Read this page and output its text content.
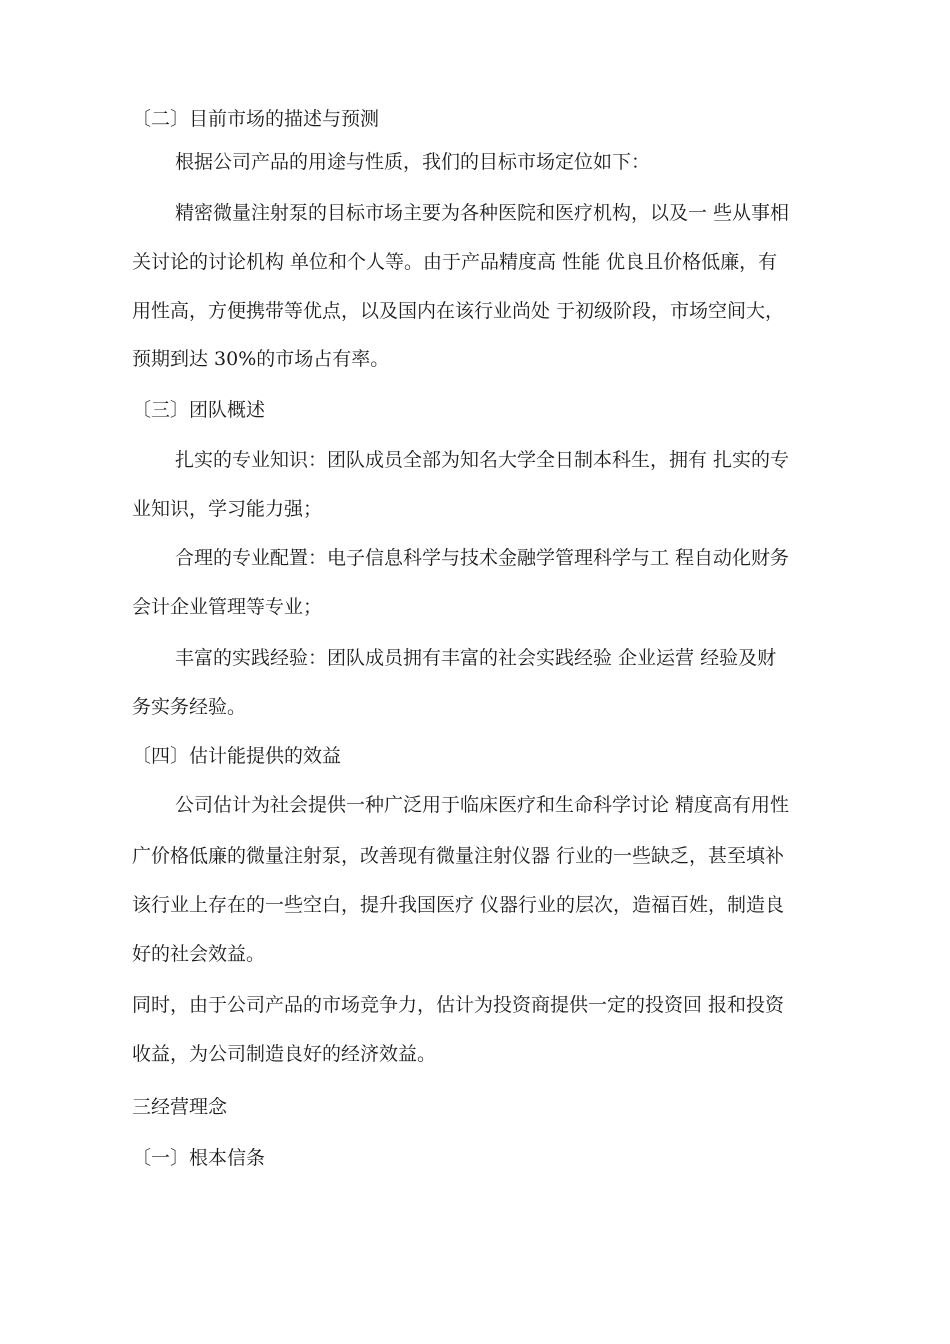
〔二〕目前市场的描述与预测
根据公司产品的用途与性质，我们的目标市场定位如下：
精密微量注射泵的目标市场主要为各种医院和医疗机构，以及一 些从事相
关讨论的讨论机构 单位和个人等。由于产品精度高 性能 优良且价格低廉，有
用性高，方便携带等优点，以及国内在该行业尚处 于初级阶段，市场空间大，
预期到达 30%的市场占有率。
〔三〕团队概述
扎实的专业知识：团队成员全部为知名大学全日制本科生，拥有 扎实的专
业知识，学习能力强；
合理的专业配置：电子信息科学与技术金融学管理科学与工 程自动化财务
会计企业管理等专业；
丰富的实践经验：团队成员拥有丰富的社会实践经验 企业运营 经验及财
务实务经验。
〔四〕估计能提供的效益
公司估计为社会提供一种广泛用于临床医疗和生命科学讨论 精度高有用性
广价格低廉的微量注射泵，改善现有微量注射仪器 行业的一些缺乏，甚至填补
该行业上存在的一些空白，提升我国医疗 仪器行业的层次，造福百姓，制造良
好的社会效益。
同时，由于公司产品的市场竞争力，估计为投资商提供一定的投资回 报和投资
收益，为公司制造良好的经济效益。
三经营理念
〔一〕根本信条
